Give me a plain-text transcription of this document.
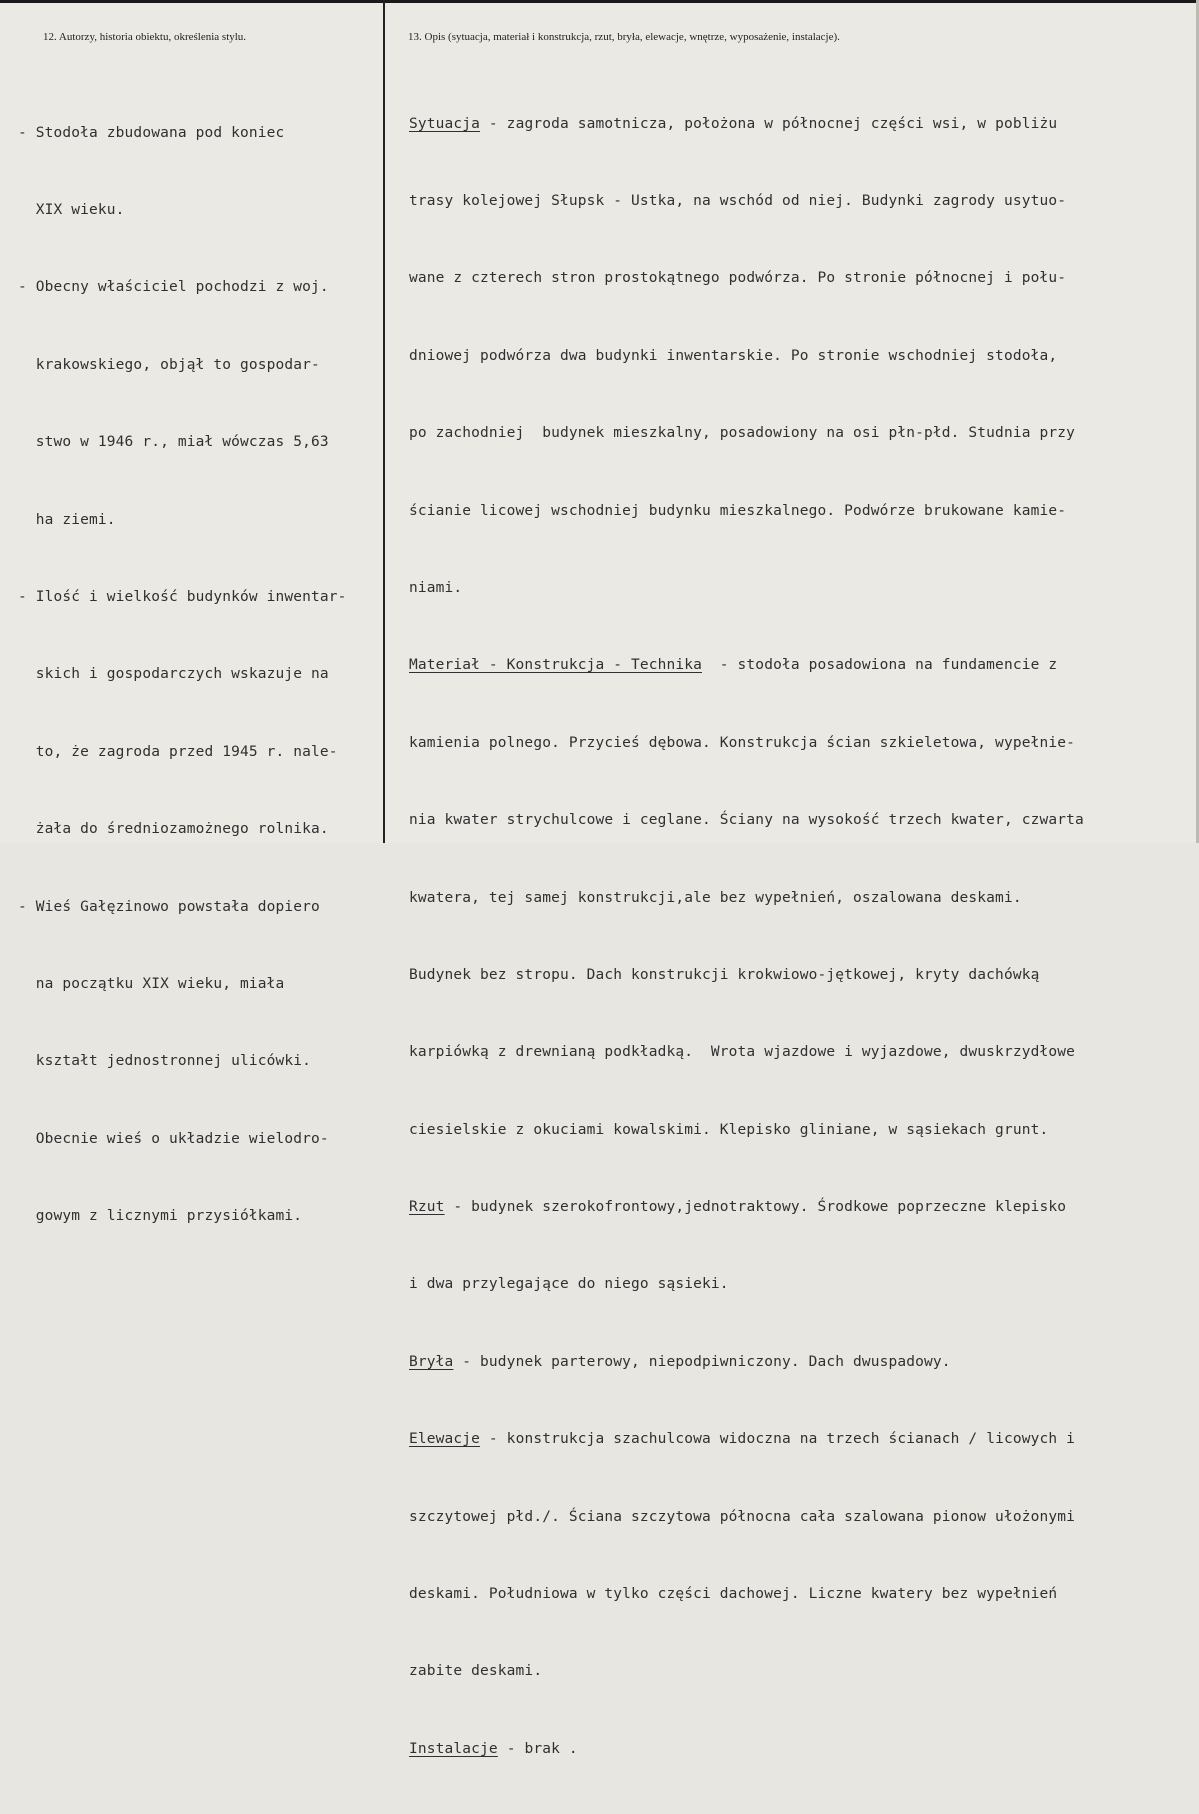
12. Autorzy, historia obiektu, określenia stylu.	13. Opis (sytuacja, materiał i konstrukcja, rzut, bryła, elewacje, wnętrze, wyposażenie, instalacje).

- Stodoła zbudowana pod koniec

XIX wieku.

- Obecny właściciel pochodzi z woj.

krakowskiego, objął to gospodar-

stwo w 1946 r., miał wówczas 5,63

ha ziemi.

- Ilość i wielkość budynków inwentar-

skich i gospodarczych wskazuje na

to, że zagroda przed 1945 r. nale-

żała do średniozamożnego rolnika.

- Wieś Gałęzinowo powstała dopiero

na początku XIX wieku, miała

kształt jednostronnej ulicówki.

Obecnie wieś o układzie wielodro-

gowym z licznymi przysiółkami.

Sytuacja - zagroda samotnicza, położona w północnej części wsi, w pobliżu

trasy kolejowej Słupsk - Ustka, na wschód od niej. Budynki zagrody usytuo-

wane z czterech stron prostokątnego podwórza. Po stronie północnej i połu-

dniowej podwórza dwa budynki inwentarskie. Po stronie wschodniej stodoła,

po zachodniej  budynek mieszkalny, posadowiony na osi płn-płd. Studnia przy

ścianie licowej wschodniej budynku mieszkalnego. Podwórze brukowane kamie-

niami.

Materiał - Konstrukcja - Technika  - stodoła posadowiona na fundamencie z

kamienia polnego. Przycieś dębowa. Konstrukcja ścian szkieletowa, wypełnie-

nia kwater strychulcowe i ceglane. Ściany na wysokość trzech kwater, czwarta

kwatera, tej samej konstrukcji,ale bez wypełnień, oszalowana deskami.

Budynek bez stropu. Dach konstrukcji krokwiowo-jętkowej, kryty dachówką

karpiówką z drewnianą podkładką.  Wrota wjazdowe i wyjazdowe, dwuskrzydłowe

ciesielskie z okuciami kowalskimi. Klepisko gliniane, w sąsiekach grunt.

Rzut - budynek szerokofrontowy,jednotraktowy. Środkowe poprzeczne klepisko

i dwa przylegające do niego sąsieki.

Bryła - budynek parterowy, niepodpiwniczony. Dach dwuspadowy.

Elewacje - konstrukcja szachulcowa widoczna na trzech ścianach / licowych i

szczytowej płd./. Ściana szczytowa północna cała szalowana pionow ułożonymi

deskami. Południowa w tylko części dachowej. Liczne kwatery bez wypełnień

zabite deskami.

Instalacje - brak .
